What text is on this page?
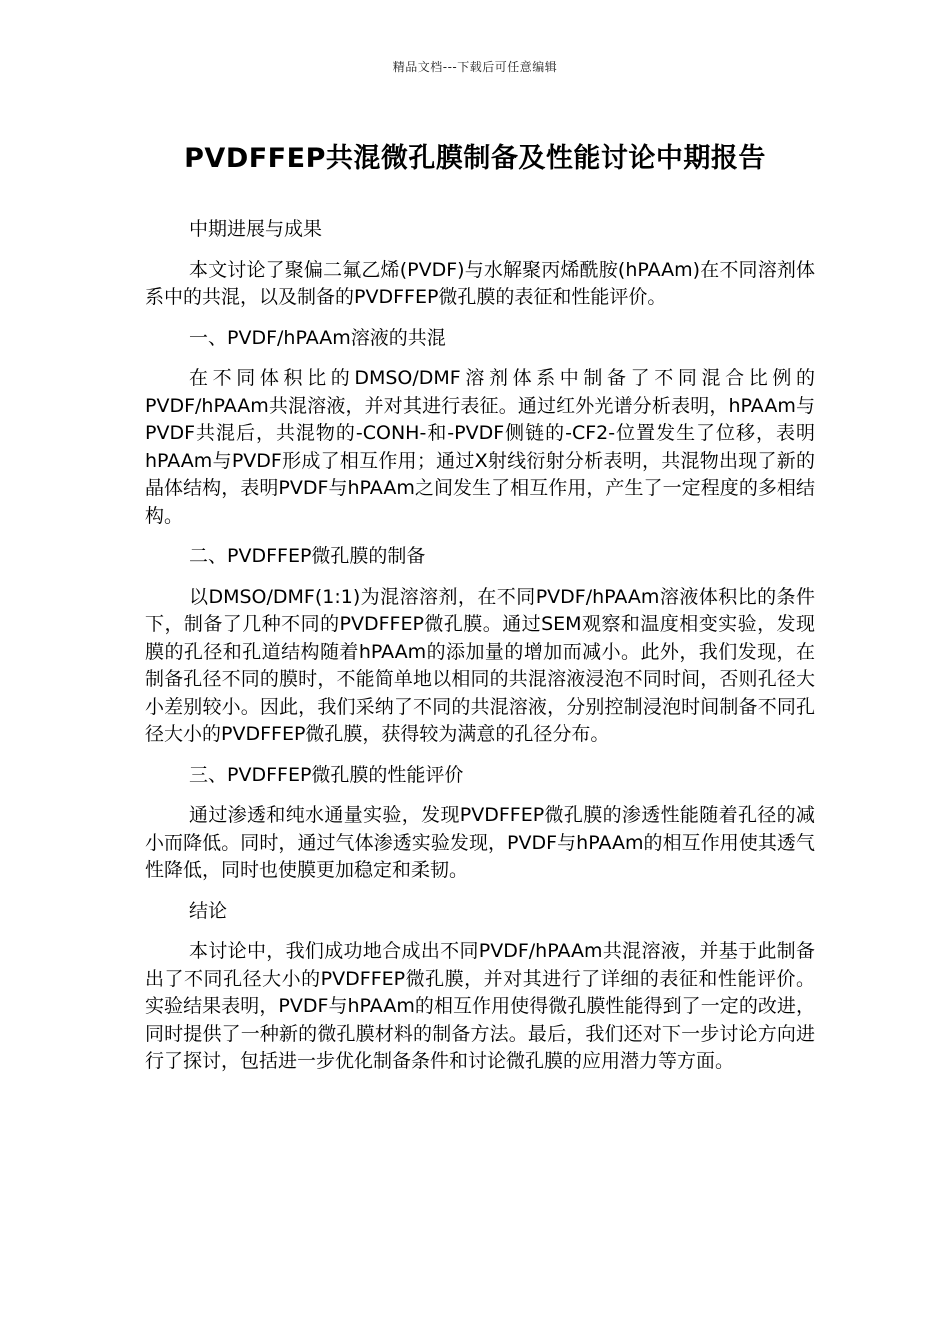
精品文档---下载后可任意编辑
PVDFFEP共混微孔膜制备及性能讨论中期报告

中期进展与成果

本文讨论了聚偏二氟乙烯(PVDF)与水解聚丙烯酰胺(hPAAm)在不同溶剂体系中的共混，以及制备的PVDFFEP微孔膜的表征和性能评价。

一、PVDF/hPAAm溶液的共混

在不同体积比的DMSO/DMF溶剂体系中制备了不同混合比例的PVDF/hPAAm共混溶液，并对其进行表征。通过红外光谱分析表明，hPAAm与PVDF共混后，共混物的-CONH-和-PVDF侧链的-CF2-位置发生了位移，表明hPAAm与PVDF形成了相互作用；通过X射线衍射分析表明，共混物出现了新的晶体结构，表明PVDF与hPAAm之间发生了相互作用，产生了一定程度的多相结构。

二、PVDFFEP微孔膜的制备

以DMSO/DMF(1:1)为混溶溶剂，在不同PVDF/hPAAm溶液体积比的条件下，制备了几种不同的PVDFFEP微孔膜。通过SEM观察和温度相变实验，发现膜的孔径和孔道结构随着hPAAm的添加量的增加而减小。此外，我们发现，在制备孔径不同的膜时，不能简单地以相同的共混溶液浸泡不同时间，否则孔径大小差别较小。因此，我们采纳了不同的共混溶液，分别控制浸泡时间制备不同孔径大小的PVDFFEP微孔膜，获得较为满意的孔径分布。

三、PVDFFEP微孔膜的性能评价

通过渗透和纯水通量实验，发现PVDFFEP微孔膜的渗透性能随着孔径的减小而降低。同时，通过气体渗透实验发现，PVDF与hPAAm的相互作用使其透气性降低，同时也使膜更加稳定和柔韧。

结论

本讨论中，我们成功地合成出不同PVDF/hPAAm共混溶液，并基于此制备出了不同孔径大小的PVDFFEP微孔膜，并对其进行了详细的表征和性能评价。实验结果表明，PVDF与hPAAm的相互作用使得微孔膜性能得到了一定的改进，同时提供了一种新的微孔膜材料的制备方法。最后，我们还对下一步讨论方向进行了探讨，包括进一步优化制备条件和讨论微孔膜的应用潜力等方面。
